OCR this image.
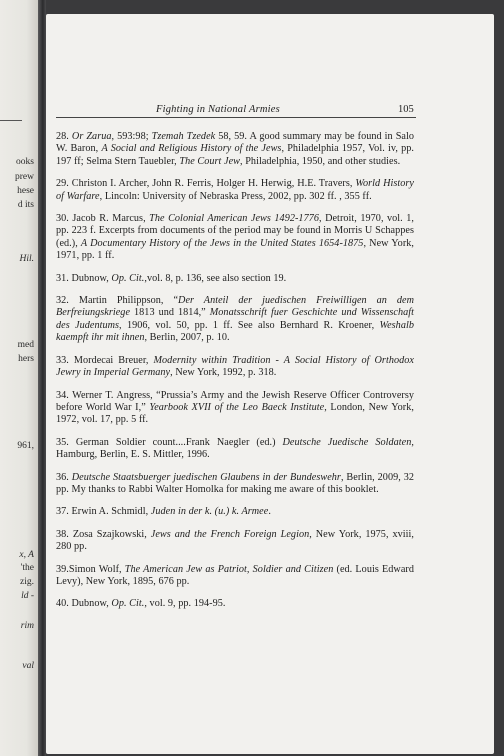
ooks
prew
hese
d its
Hil.
med
hers
961,
x, A
'the
zig.
ld -
rim
val
Fighting in National Armies	105

28. Or Zarua, 593:98; Tzemah Tzedek 58, 59. A good summary may be found in Salo W. Baron, A Social and Religious History of the Jews, Philadelphia 1957, Vol. iv, pp. 197 ff; Selma Stern Tauebler, The Court Jew, Philadelphia, 1950, and other studies.

29. Christon I. Archer, John R. Ferris, Holger H. Herwig, H.E. Travers, World History of Warfare, Lincoln: University of Nebraska Press, 2002, pp. 302 ff. , 355 ff.

30. Jacob R. Marcus, The Colonial American Jews 1492-1776, Detroit, 1970, vol. 1, pp. 223 f. Excerpts from documents of the period may be found in Morris U Schappes (ed.), A Documentary History of the Jews in the United States 1654-1875, New York, 1971, pp. 1 ff.

31. Dubnow, Op. Cit.,vol. 8, p. 136, see also section 19.

32. Martin Philippson, “Der Anteil der juedischen Freiwilligen an dem Berfreiungskriege 1813 und 1814,” Monatsschrift fuer Geschichte und Wissenschaft des Judentums, 1906, vol. 50, pp. 1 ff. See also Bernhard R. Kroener, Weshalb kaempft ihr mit ihnen, Berlin, 2007, p. 10.

33. Mordecai Breuer, Modernity within Tradition - A Social History of Orthodox Jewry in Imperial Germany, New York, 1992, p. 318.

34. Werner T. Angress, “Prussia’s Army and the Jewish Reserve Officer Controversy before World War I,” Yearbook XVII of the Leo Baeck Institute, London, New York, 1972, vol. 17, pp. 5 ff.

35. German Soldier count....Frank Naegler (ed.) Deutsche Juedische Soldaten, Hamburg, Berlin, E. S. Mittler, 1996.

36. Deutsche Staatsbuerger juedischen Glaubens in der Bundeswehr, Berlin, 2009, 32 pp. My thanks to Rabbi Walter Homolka for making me aware of this booklet.

37. Erwin A. Schmidl, Juden in der k. (u.) k. Armee.

38. Zosa Szajkowski, Jews and the French Foreign Legion, New York, 1975, xviii, 280 pp.

39.Simon Wolf, The American Jew as Patriot, Soldier and Citizen (ed. Louis Edward Levy), New York, 1895, 676 pp.

40. Dubnow, Op. Cit., vol. 9, pp. 194-95.
